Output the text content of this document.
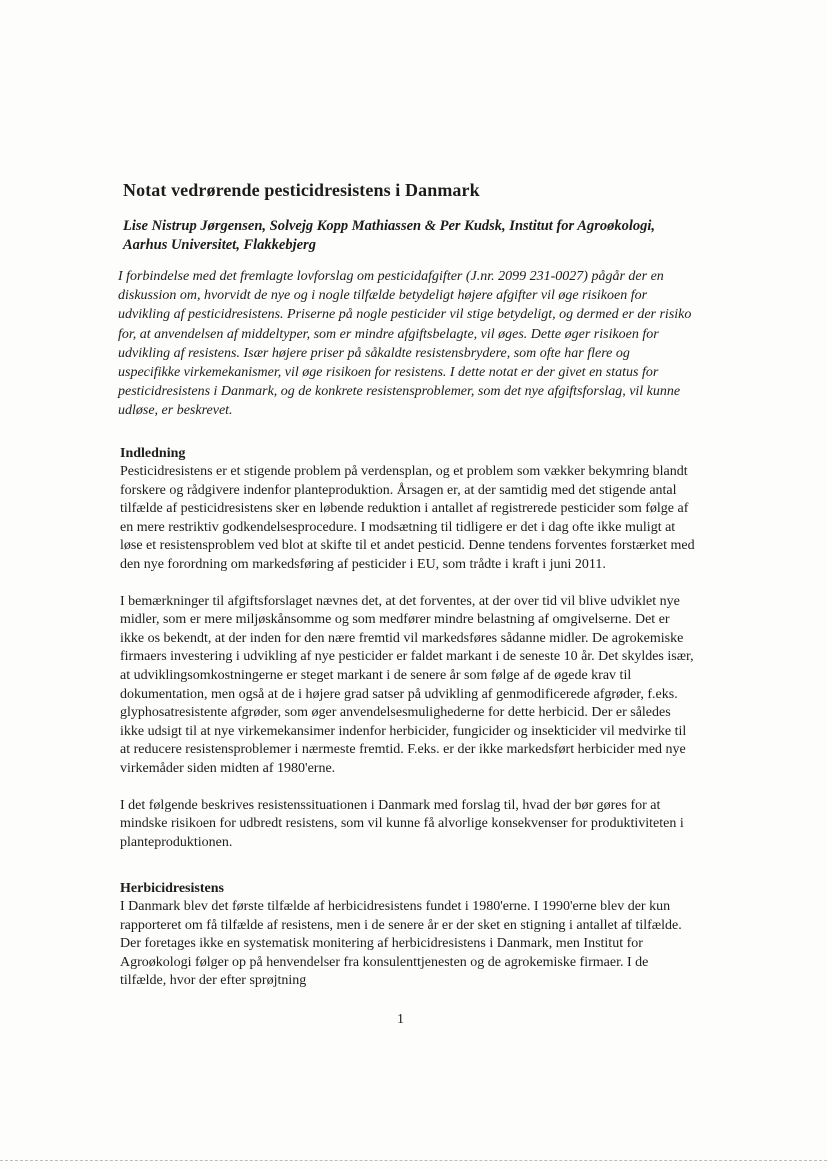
Notat vedrørende pesticidresistens i Danmark
Lise Nistrup Jørgensen, Solvejg Kopp Mathiassen & Per Kudsk, Institut for Agroøkologi, Aarhus Universitet, Flakkebjerg
I forbindelse med det fremlagte lovforslag om pesticidafgifter (J.nr. 2099 231-0027) pågår der en diskussion om, hvorvidt de nye og i nogle tilfælde betydeligt højere afgifter vil øge risikoen for udvikling af pesticidresistens. Priserne på nogle pesticider vil stige betydeligt, og dermed er der risiko for, at anvendelsen af middeltyper, som er mindre afgiftsbelagte, vil øges. Dette øger risikoen for udvikling af resistens. Især højere priser på såkaldte resistensbrydere, som ofte har flere og uspecifikke virkemekanismer, vil øge risikoen for resistens. I dette notat er der givet en status for pesticidresistens i Danmark, og de konkrete resistensproblemer, som det nye afgiftsforslag, vil kunne udløse, er beskrevet.
Indledning

Pesticidresistens er et stigende problem på verdensplan, og et problem som vækker bekymring blandt forskere og rådgivere indenfor planteproduktion. Årsagen er, at der samtidig med det stigende antal tilfælde af pesticidresistens sker en løbende reduktion i antallet af registrerede pesticider som følge af en mere restriktiv godkendelsesprocedure. I modsætning til tidligere er det i dag ofte ikke muligt at løse et resistensproblem ved blot at skifte til et andet pesticid. Denne tendens forventes forstærket med den nye forordning om markedsføring af pesticider i EU, som trådte i kraft i juni 2011.

I bemærkninger til afgiftsforslaget nævnes det, at det forventes, at der over tid vil blive udviklet nye midler, som er mere miljøskånsomme og som medfører mindre belastning af omgivelserne. Det er ikke os bekendt, at der inden for den nære fremtid vil markedsføres sådanne midler. De agrokemiske firmaers investering i udvikling af nye pesticider er faldet markant i de seneste 10 år. Det skyldes især, at udviklingsomkostningerne er steget markant i de senere år som følge af de øgede krav til dokumentation, men også at de i højere grad satser på udvikling af genmodificerede afgrøder, f.eks. glyphosatresistente afgrøder, som øger anvendelsesmulighederne for dette herbicid. Der er således ikke udsigt til at nye virkemekansimer indenfor herbicider, fungicider og insekticider vil medvirke til at reducere resistensproblemer i nærmeste fremtid. F.eks. er der ikke markedsført herbicider med nye virkemåder siden midten af 1980'erne.

I det følgende beskrives resistenssituationen i Danmark med forslag til, hvad der bør gøres for at mindske risikoen for udbredt resistens, som vil kunne få alvorlige konsekvenser for produktiviteten i planteproduktionen.

Herbicidresistens

I Danmark blev det første tilfælde af herbicidresistens fundet i 1980'erne. I 1990'erne blev der kun rapporteret om få tilfælde af resistens, men i de senere år er der sket en stigning i antallet af tilfælde. Der foretages ikke en systematisk monitering af herbicidresistens i Danmark, men Institut for Agroøkologi følger op på henvendelser fra konsulenttjenesten og de agrokemiske firmaer. I de tilfælde, hvor der efter sprøjtning

1
